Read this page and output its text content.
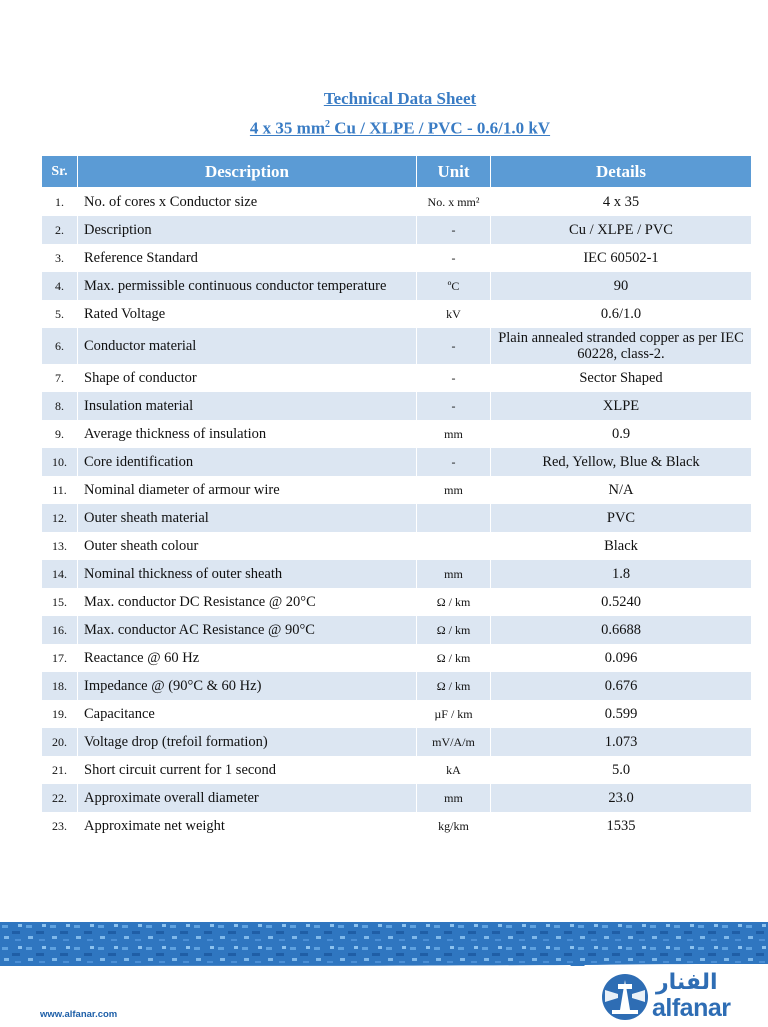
Technical Data Sheet
4 x 35 $mm^2$ Cu / XLPE / PVC - 0.6/1.0 kV
Sr.	Description	Unit	Details
1.	No. of cores x Conductor size	No. x mm²	4 x 35
2.	Description	-	Cu / XLPE / PVC
3.	Reference Standard	-	IEC 60502-1
4.	Max. permissible continuous conductor temperature	ºC	90
5.	Rated Voltage	kV	0.6/1.0
6.	Conductor material	-	Plain annealed stranded copper as per IEC 60228, class-2.
7.	Shape of conductor	-	Sector Shaped
8.	Insulation material	-	XLPE
9.	Average thickness of insulation	mm	0.9
10.	Core identification	-	Red, Yellow, Blue & Black
11.	Nominal diameter of armour wire	mm	N/A
12.	Outer sheath material		PVC
13.	Outer sheath colour		Black
14.	Nominal thickness of outer sheath	mm	1.8
15.	Max. conductor DC Resistance @ 20°C	Ω / km	0.5240
16.	Max. conductor AC Resistance @ 90°C	Ω / km	0.6688
17.	Reactance @ 60 Hz	Ω / km	0.096
18.	Impedance @ (90°C & 60 Hz)	Ω / km	0.676
19.	Capacitance	µF / km	0.599
20.	Voltage drop (trefoil formation)	mV/A/m	1.073
21.	Short circuit current for 1 second	kA	5.0
22.	Approximate overall diameter	mm	23.0
23.	Approximate net weight	kg/km	1535
www.alfanar.com
الفنار
alfanar
